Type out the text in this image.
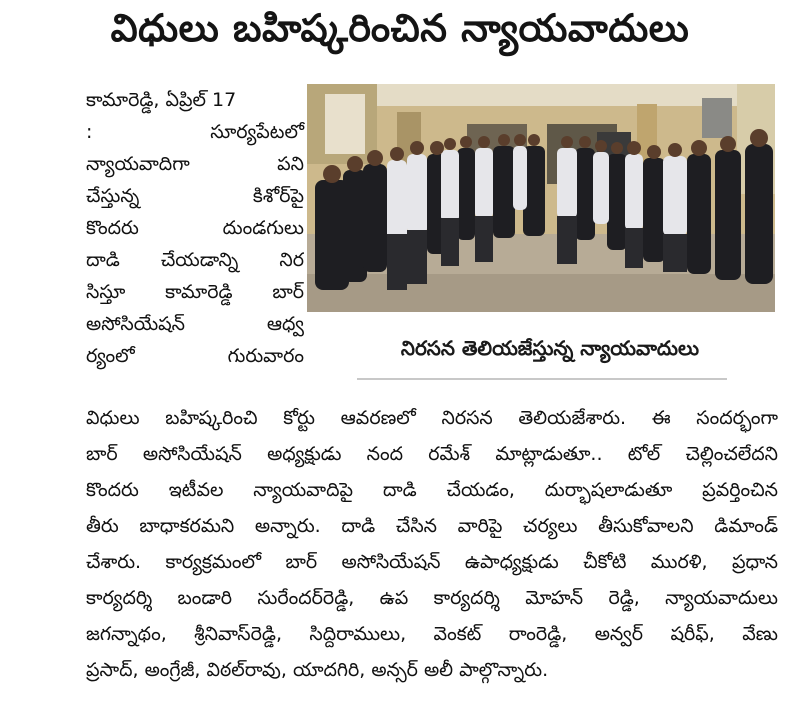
విధులు బహిష్కరించిన న్యాయవాదులు
కామారెడ్డి, ఏప్రిల్ 17
: సూర్యపేటలో
న్యాయవాదిగా పని
చేస్తున్న కిశోర్‌పై
కొందరు దుండగులు
దాడి చేయడాన్ని నిర
సిస్తూ కామారెడ్డి బార్
అసోసియేషన్ ఆధ్వ
ర్యంలో గురువారం	నిరసన తెలియజేస్తున్న న్యాయవాదులు
విధులు బహిష్కరించి కోర్టు ఆవరణలో నిరసన తెలియజేశారు. ఈ సందర్భంగా
బార్ అసోసియేషన్ అధ్యక్షుడు నంద రమేశ్ మాట్లాడుతూ.. టోల్ చెల్లించలేదని
కొందరు ఇటీవల న్యాయవాదిపై దాడి చేయడం, దుర్భాషలాడుతూ ప్రవర్తించిన
తీరు బాధాకరమని అన్నారు. దాడి చేసిన వారిపై చర్యలు తీసుకోవాలని డిమాండ్
చేశారు. కార్యక్రమంలో బార్ అసోసియేషన్ ఉపాధ్యక్షుడు చీకోటి మురళి, ప్రధాన
కార్యదర్శి బండారి సురేందర్‌రెడ్డి, ఉప కార్యదర్శి మోహన్ రెడ్డి, న్యాయవాదులు
జగన్నాథం, శ్రీనివాస్‌రెడ్డి, సిద్దిరాములు, వెంకట్ రాంరెడ్డి, అన్వర్ షరీఫ్, వేణు
ప్రసాద్, అంగ్రేజీ, విఠల్‌రావు, యాదగిరి, అన్సర్ అలీ పాల్గొన్నారు.
